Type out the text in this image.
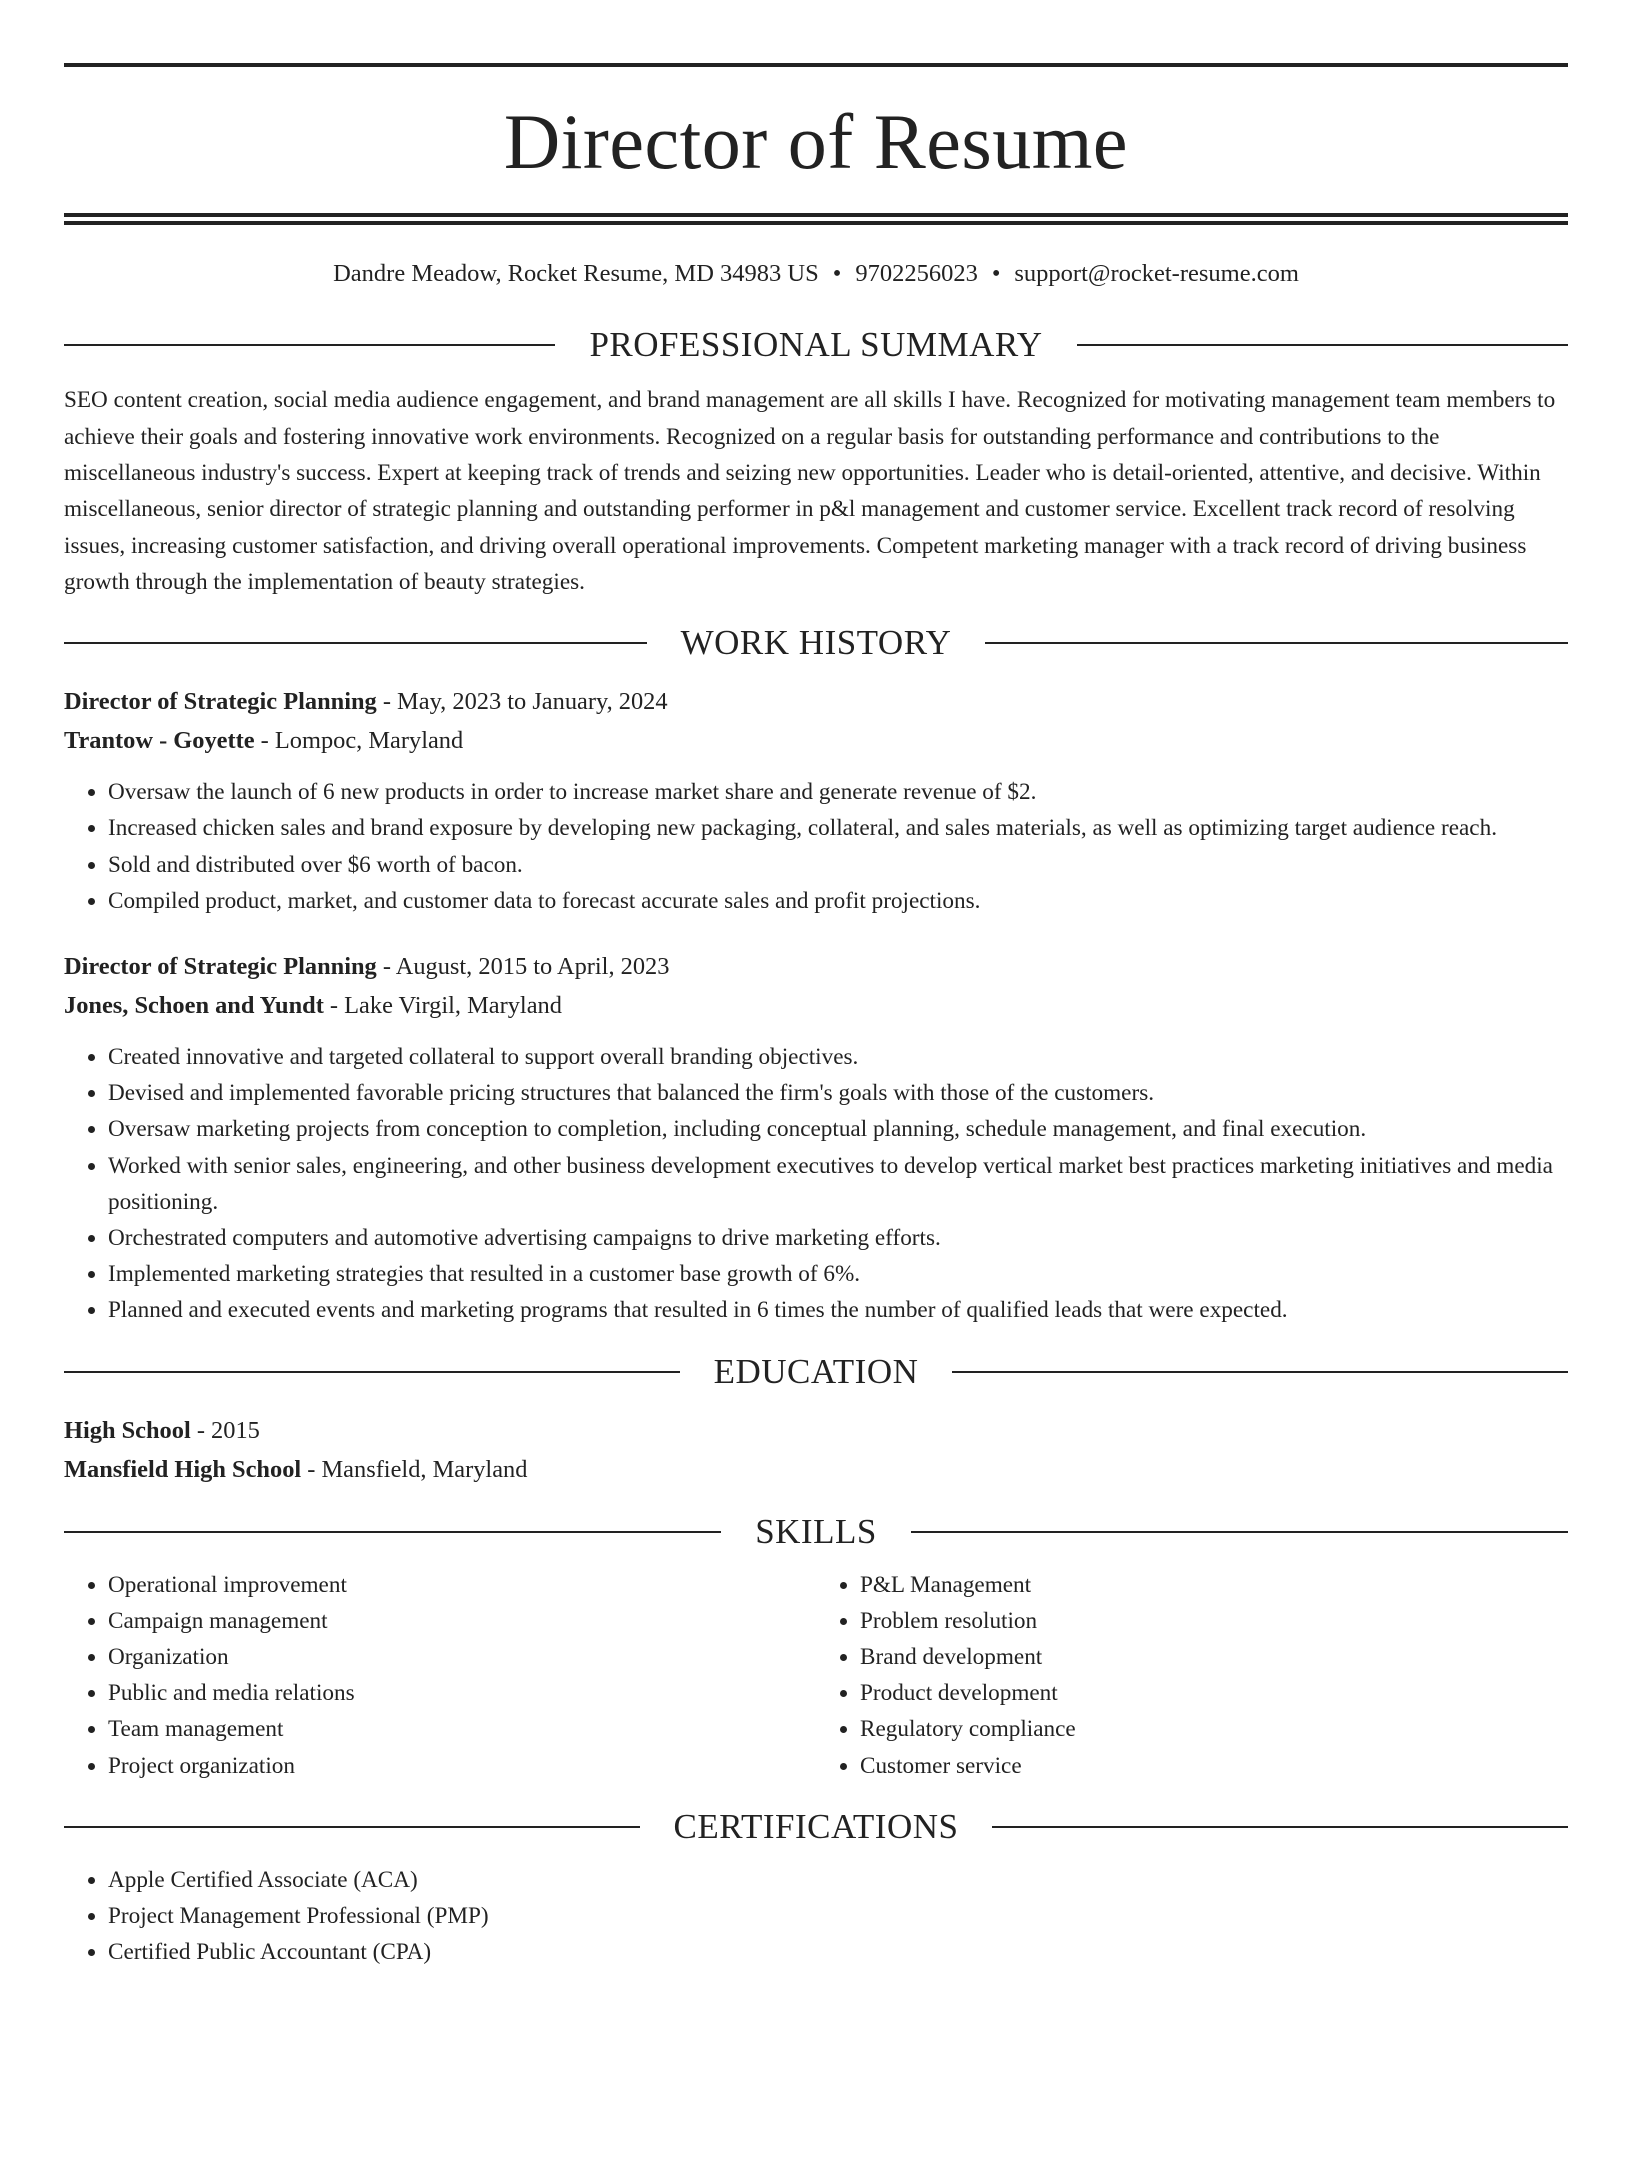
Director of Resume
Dandre Meadow, Rocket Resume, MD 34983 US • 9702256023 • support@rocket-resume.com
PROFESSIONAL SUMMARY
SEO content creation, social media audience engagement, and brand management are all skills I have. Recognized for motivating management team members to achieve their goals and fostering innovative work environments. Recognized on a regular basis for outstanding performance and contributions to the miscellaneous industry's success. Expert at keeping track of trends and seizing new opportunities. Leader who is detail-oriented, attentive, and decisive. Within miscellaneous, senior director of strategic planning and outstanding performer in p&l management and customer service. Excellent track record of resolving issues, increasing customer satisfaction, and driving overall operational improvements. Competent marketing manager with a track record of driving business growth through the implementation of beauty strategies.
WORK HISTORY
Director of Strategic Planning - May, 2023 to January, 2024
Trantow - Goyette - Lompoc, Maryland
• Oversaw the launch of 6 new products in order to increase market share and generate revenue of $2.
• Increased chicken sales and brand exposure by developing new packaging, collateral, and sales materials, as well as optimizing target audience reach.
• Sold and distributed over $6 worth of bacon.
• Compiled product, market, and customer data to forecast accurate sales and profit projections.
Director of Strategic Planning - August, 2015 to April, 2023
Jones, Schoen and Yundt - Lake Virgil, Maryland
• Created innovative and targeted collateral to support overall branding objectives.
• Devised and implemented favorable pricing structures that balanced the firm's goals with those of the customers.
• Oversaw marketing projects from conception to completion, including conceptual planning, schedule management, and final execution.
• Worked with senior sales, engineering, and other business development executives to develop vertical market best practices marketing initiatives and media positioning.
• Orchestrated computers and automotive advertising campaigns to drive marketing efforts.
• Implemented marketing strategies that resulted in a customer base growth of 6%.
• Planned and executed events and marketing programs that resulted in 6 times the number of qualified leads that were expected.
EDUCATION
High School - 2015
Mansfield High School - Mansfield, Maryland
SKILLS
• Operational improvement
• Campaign management
• Organization
• Public and media relations
• Team management
• Project organization
• P&L Management
• Problem resolution
• Brand development
• Product development
• Regulatory compliance
• Customer service
CERTIFICATIONS
• Apple Certified Associate (ACA)
• Project Management Professional (PMP)
• Certified Public Accountant (CPA)
